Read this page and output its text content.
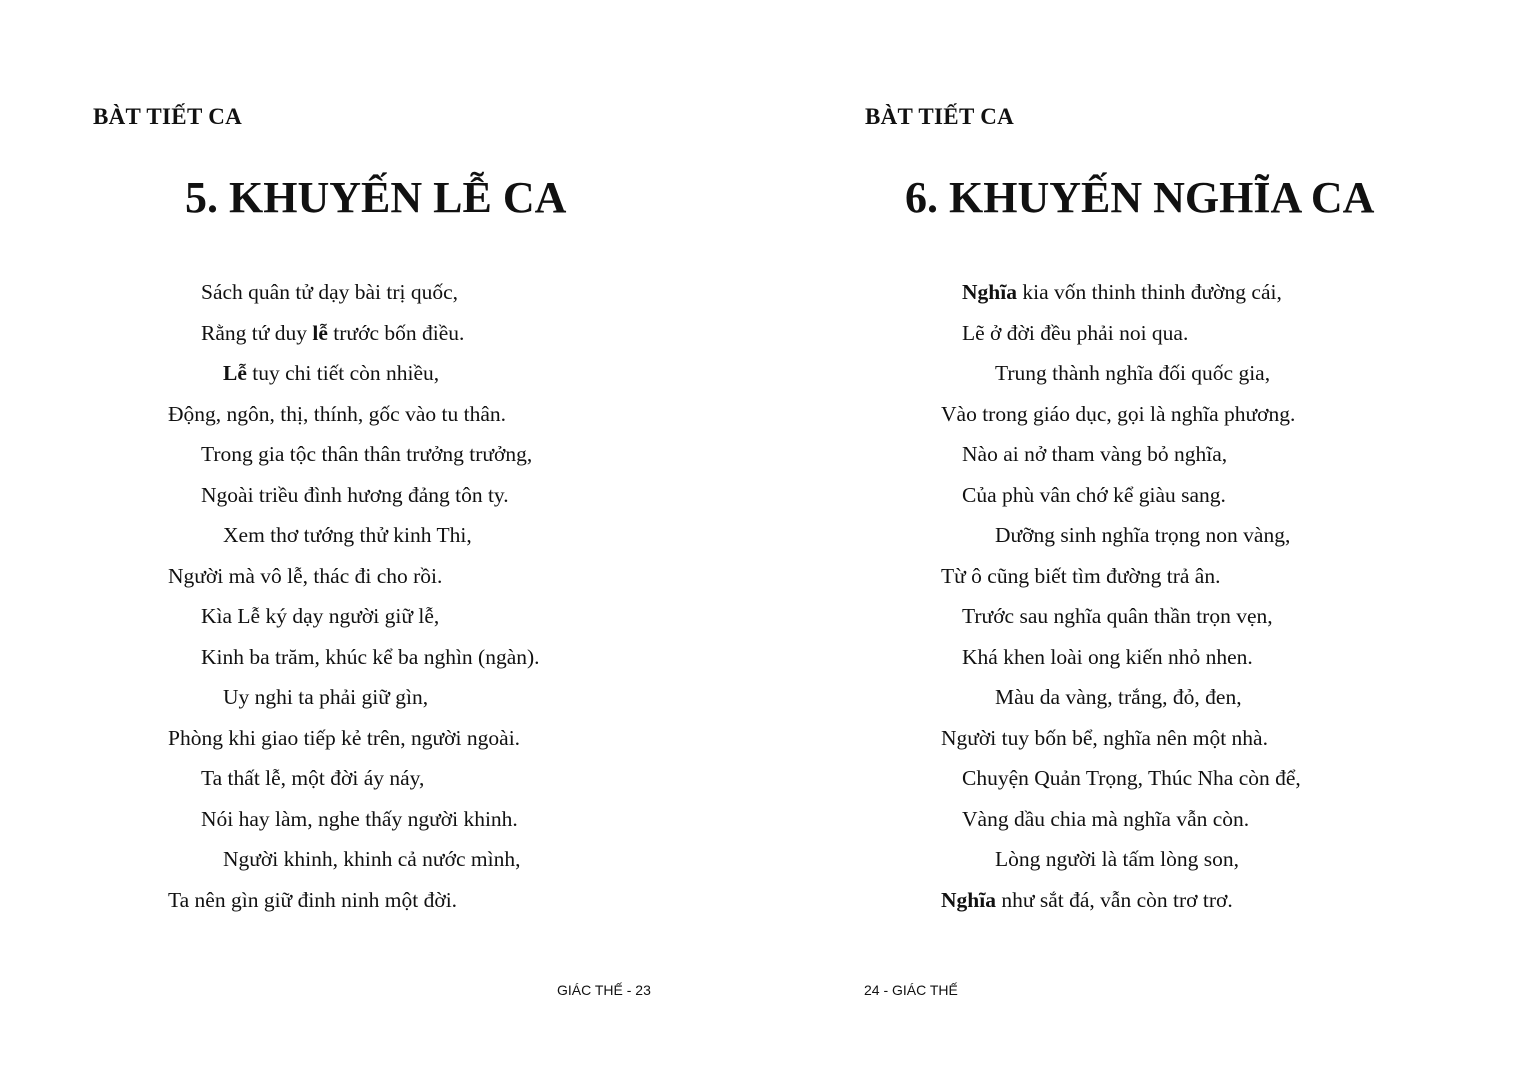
BÀT TIẾT CA
5. KHUYẾN LỄ CA
Sách quân tử dạy bài trị quốc,
Rằng tứ duy lễ trước bốn điều.
Lễ tuy chi tiết còn nhiều,
Động, ngôn, thị, thính, gốc vào tu thân.
Trong gia tộc thân thân trưởng trưởng,
Ngoài triều đình hương đảng tôn ty.
Xem thơ tướng thử kinh Thi,
Người mà vô lễ, thác đi cho rồi.
Kìa Lễ ký dạy người giữ lễ,
Kinh ba trăm, khúc kể ba nghìn (ngàn).
Uy nghi ta phải giữ gìn,
Phòng khi giao tiếp kẻ trên, người ngoài.
Ta thất lễ, một đời áy náy,
Nói hay làm, nghe thấy người khinh.
Người khinh, khinh cả nước mình,
Ta nên gìn giữ đinh ninh một đời.
GIÁC THẾ - 23
BÀT TIẾT CA
6. KHUYẾN NGHĨA CA
Nghĩa kia vốn thinh thinh đường cái,
Lẽ ở đời đều phải noi qua.
Trung thành nghĩa đối quốc gia,
Vào trong giáo dục, gọi là nghĩa phương.
Nào ai nở tham vàng bỏ nghĩa,
Của phù vân chớ kể giàu sang.
Dưỡng sinh nghĩa trọng non vàng,
Từ ô cũng biết tìm đường trả ân.
Trước sau nghĩa quân thần trọn vẹn,
Khá khen loài ong kiến nhỏ nhen.
Màu da vàng, trắng, đỏ, đen,
Người tuy bốn bể, nghĩa nên một nhà.
Chuyện Quản Trọng, Thúc Nha còn để,
Vàng dầu chia mà nghĩa vẫn còn.
Lòng người là tấm lòng son,
Nghĩa như sắt đá, vẫn còn trơ trơ.
24 - GIÁC THẾ
